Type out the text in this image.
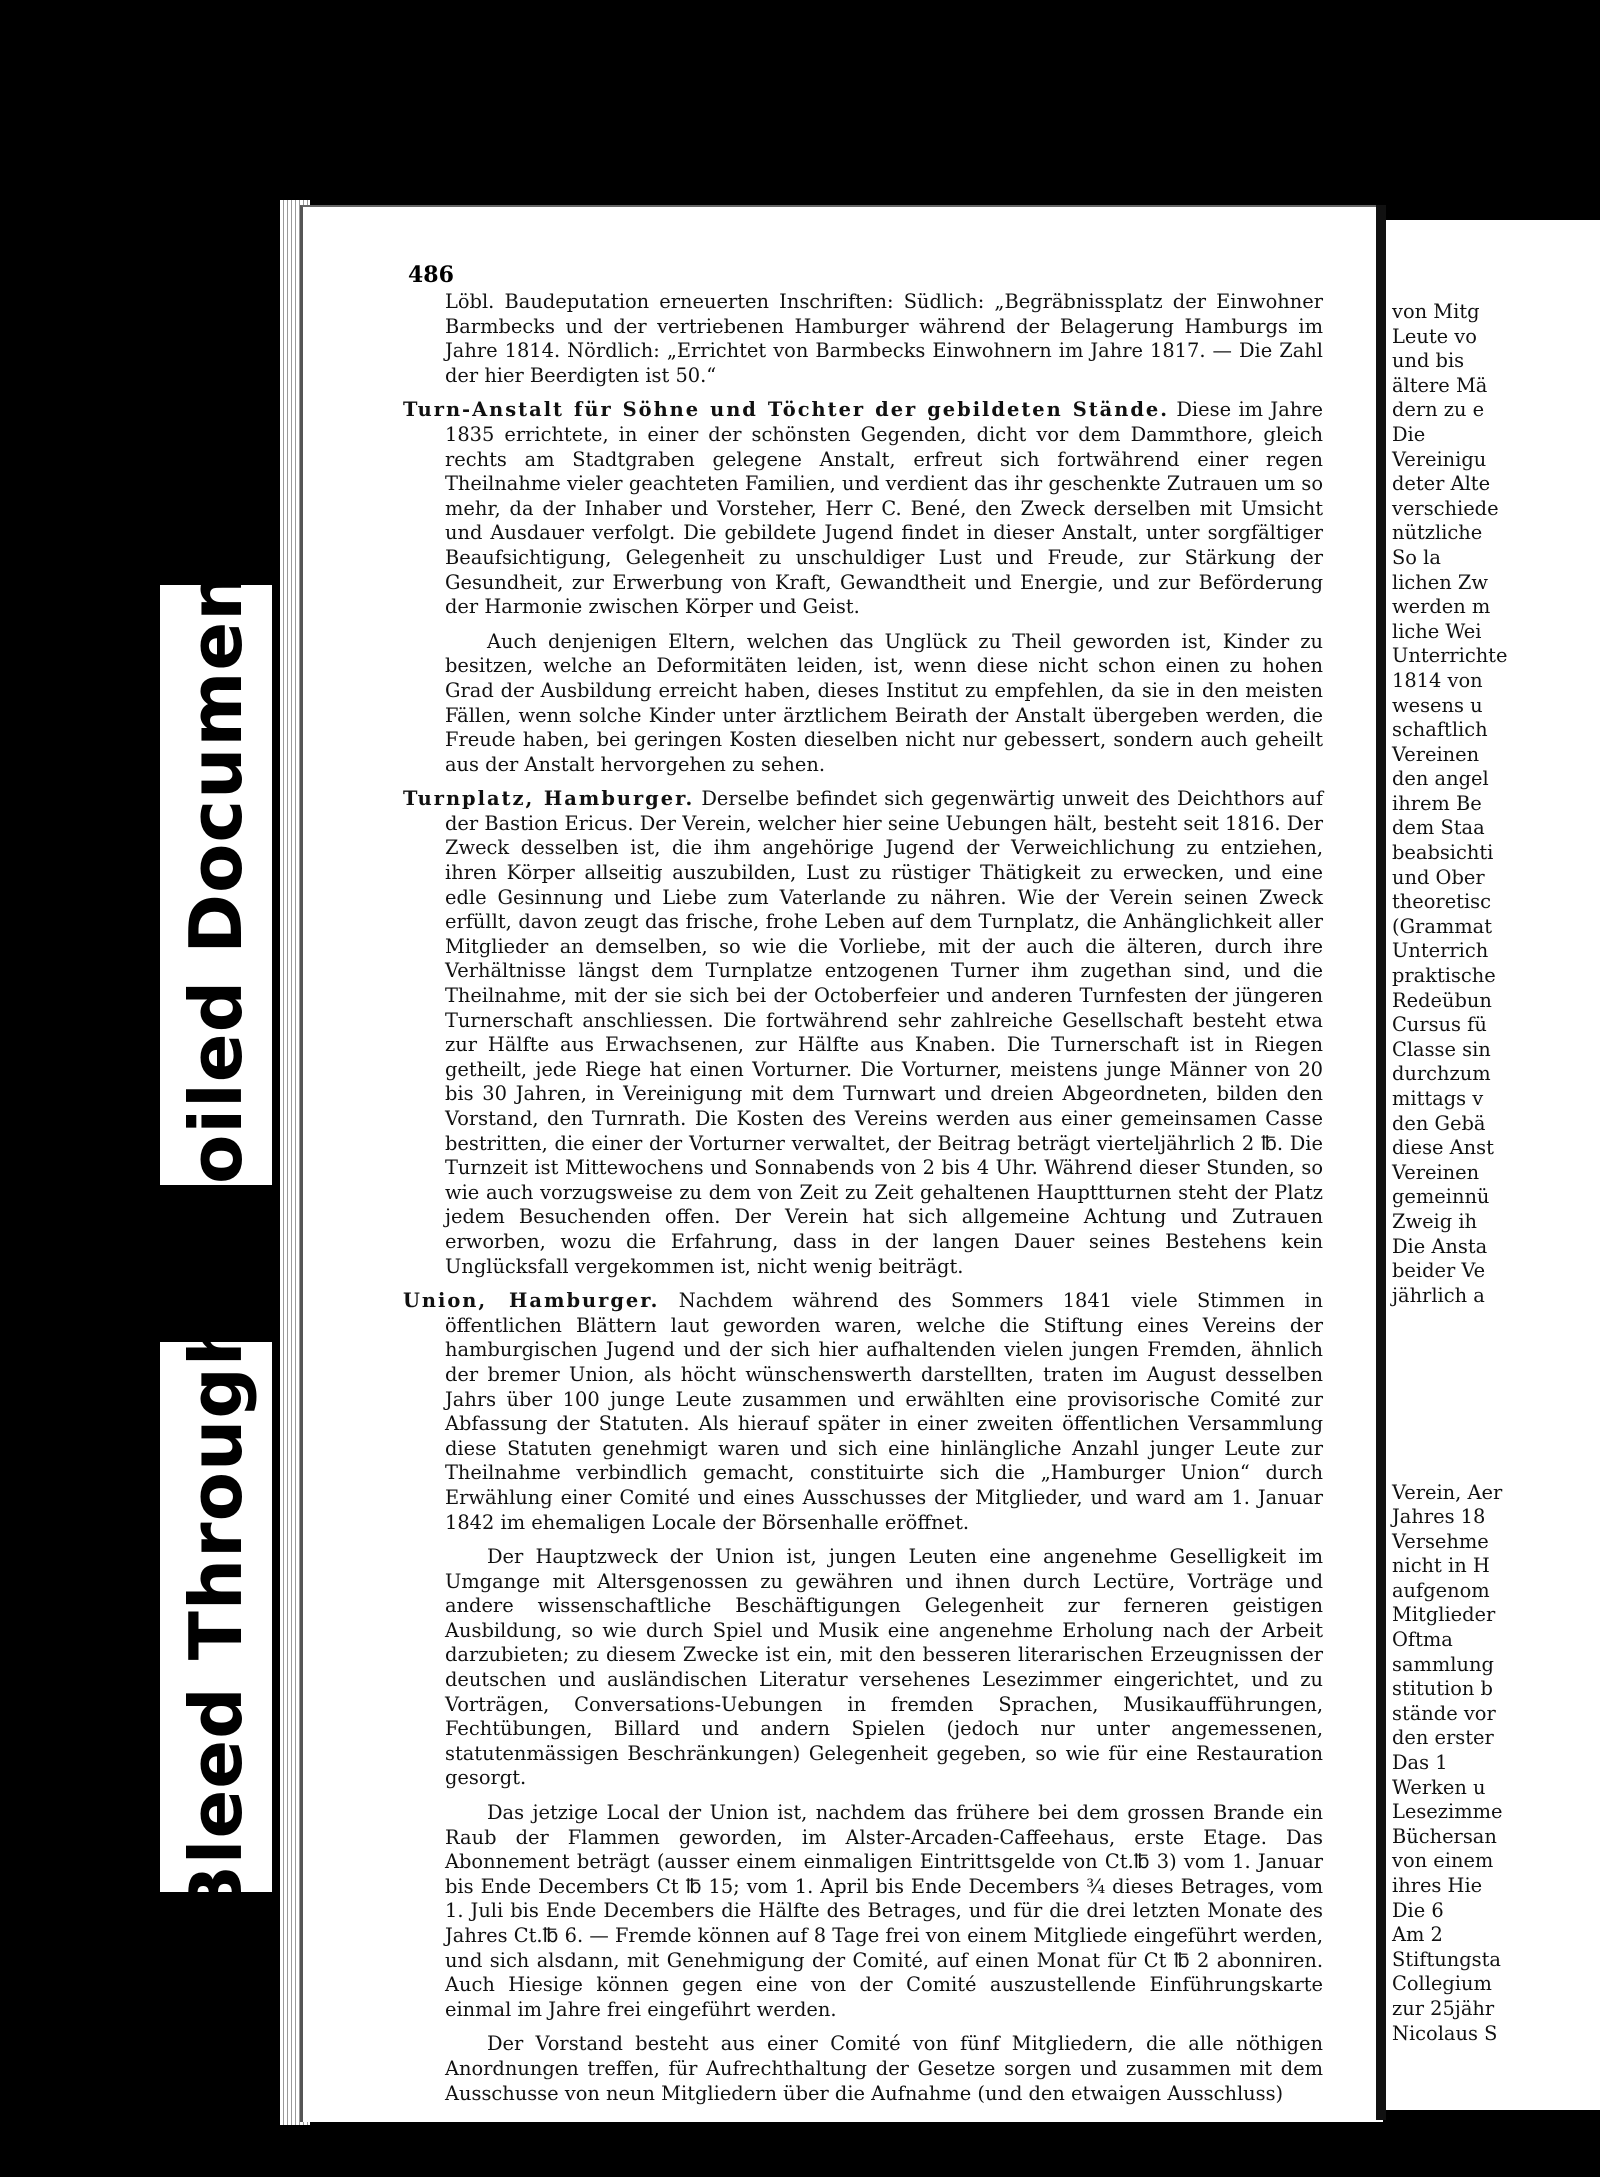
Soiled Document
Bleed Through
486
Löbl. Baudeputation erneuerten Inschriften: Südlich: „Begräbnissplatz der Einwohner Barmbecks und der vertriebenen Hamburger während der Belagerung Hamburgs im Jahre 1814. Nördlich: „Errichtet von Barmbecks Einwohnern im Jahre 1817. — Die Zahl der hier Beerdigten ist 50.“
Turn-Anstalt für Söhne und Töchter der gebildeten Stände. Diese im Jahre 1835 errichtete, in einer der schönsten Gegenden, dicht vor dem Dammthore, gleich rechts am Stadtgraben gelegene Anstalt, erfreut sich fortwährend einer regen Theilnahme vieler geachteten Familien, und verdient das ihr geschenkte Zutrauen um so mehr, da der Inhaber und Vorsteher, Herr C. Bené, den Zweck derselben mit Umsicht und Ausdauer verfolgt. Die gebildete Jugend findet in dieser Anstalt, unter sorgfältiger Beaufsichtigung, Gelegenheit zu unschuldiger Lust und Freude, zur Stärkung der Gesundheit, zur Erwerbung von Kraft, Gewandtheit und Energie, und zur Beförderung der Harmonie zwischen Körper und Geist.
Auch denjenigen Eltern, welchen das Unglück zu Theil geworden ist, Kinder zu besitzen, welche an Deformitäten leiden, ist, wenn diese nicht schon einen zu hohen Grad der Ausbildung erreicht haben, dieses Institut zu empfehlen, da sie in den meisten Fällen, wenn solche Kinder unter ärztlichem Beirath der Anstalt übergeben werden, die Freude haben, bei geringen Kosten dieselben nicht nur gebessert, sondern auch geheilt aus der Anstalt hervorgehen zu sehen.
Turnplatz, Hamburger. Derselbe befindet sich gegenwärtig unweit des Deichthors auf der Bastion Ericus. Der Verein, welcher hier seine Uebungen hält, besteht seit 1816. Der Zweck desselben ist, die ihm angehörige Jugend der Verweichlichung zu entziehen, ihren Körper allseitig auszubilden, Lust zu rüstiger Thätigkeit zu erwecken, und eine edle Gesinnung und Liebe zum Vaterlande zu nähren. Wie der Verein seinen Zweck erfüllt, davon zeugt das frische, frohe Leben auf dem Turnplatz, die Anhänglichkeit aller Mitglieder an demselben, so wie die Vorliebe, mit der auch die älteren, durch ihre Verhältnisse längst dem Turnplatze entzogenen Turner ihm zugethan sind, und die Theilnahme, mit der sie sich bei der Octoberfeier und anderen Turnfesten der jüngeren Turnerschaft anschliessen. Die fortwährend sehr zahlreiche Gesellschaft besteht etwa zur Hälfte aus Erwachsenen, zur Hälfte aus Knaben. Die Turnerschaft ist in Riegen getheilt, jede Riege hat einen Vorturner. Die Vorturner, meistens junge Männer von 20 bis 30 Jahren, in Vereinigung mit dem Turnwart und dreien Abgeordneten, bilden den Vorstand, den Turnrath. Die Kosten des Vereins werden aus einer gemeinsamen Casse bestritten, die einer der Vorturner verwaltet, der Beitrag beträgt vierteljährlich 2 ℔. Die Turnzeit ist Mittewochens und Sonnabends von 2 bis 4 Uhr. Während dieser Stunden, so wie auch vorzugsweise zu dem von Zeit zu Zeit gehaltenen Haupttturnen steht der Platz jedem Besuchenden offen. Der Verein hat sich allgemeine Achtung und Zutrauen erworben, wozu die Erfahrung, dass in der langen Dauer seines Bestehens kein Unglücksfall vergekommen ist, nicht wenig beiträgt.
Union, Hamburger. Nachdem während des Sommers 1841 viele Stimmen in öffentlichen Blättern laut geworden waren, welche die Stiftung eines Vereins der hamburgischen Jugend und der sich hier aufhaltenden vielen jungen Fremden, ähnlich der bremer Union, als höcht wünschenswerth darstellten, traten im August desselben Jahrs über 100 junge Leute zusammen und erwählten eine provisorische Comité zur Abfassung der Statuten. Als hierauf später in einer zweiten öffentlichen Versammlung diese Statuten genehmigt waren und sich eine hinlängliche Anzahl junger Leute zur Theilnahme verbindlich gemacht, constituirte sich die „Hamburger Union“ durch Erwählung einer Comité und eines Ausschusses der Mitglieder, und ward am 1. Januar 1842 im ehemaligen Locale der Börsenhalle eröffnet.
Der Hauptzweck der Union ist, jungen Leuten eine angenehme Geselligkeit im Umgange mit Altersgenossen zu gewähren und ihnen durch Lectüre, Vorträge und andere wissenschaftliche Beschäftigungen Gelegenheit zur ferneren geistigen Ausbildung, so wie durch Spiel und Musik eine angenehme Erholung nach der Arbeit darzubieten; zu diesem Zwecke ist ein, mit den besseren literarischen Erzeugnissen der deutschen und ausländischen Literatur versehenes Lesezimmer eingerichtet, und zu Vorträgen, Conversations-Uebungen in fremden Sprachen, Musikaufführungen, Fechtübungen, Billard und andern Spielen (jedoch nur unter angemessenen, statutenmässigen Beschränkungen) Gelegenheit gegeben, so wie für eine Restauration gesorgt.
Das jetzige Local der Union ist, nachdem das frühere bei dem grossen Brande ein Raub der Flammen geworden, im Alster-Arcaden-Caffeehaus, erste Etage. Das Abonnement beträgt (ausser einem einmaligen Eintrittsgelde von Ct.℔ 3) vom 1. Januar bis Ende Decembers Ct ℔ 15; vom 1. April bis Ende Decembers ¾ dieses Betrages, vom 1. Juli bis Ende Decembers die Hälfte des Betrages, und für die drei letzten Monate des Jahres Ct.℔ 6. — Fremde können auf 8 Tage frei von einem Mitgliede eingeführt werden, und sich alsdann, mit Genehmigung der Comité, auf einen Monat für Ct ℔ 2 abonniren. Auch Hiesige können gegen eine von der Comité auszustellende Einführungskarte einmal im Jahre frei eingeführt werden.
Der Vorstand besteht aus einer Comité von fünf Mitgliedern, die alle nöthigen Anordnungen treffen, für Aufrechthaltung der Gesetze sorgen und zusammen mit dem Ausschusse von neun Mitgliedern über die Aufnahme (und den etwaigen Ausschluss)
von Mitg
Leute vo
und bis
ältere Mä
dern zu e
Die
Vereinigu
deter Alte
verschiede
nützliche
So la
lichen Zw
werden m
liche Wei
Unterrichte
1814 von
wesens u
schaftlich
Vereinen
den angel
ihrem Be
dem Staa
beabsichti
und Ober
theoretisc
(Grammat
Unterrich
praktische
Redeübun
Cursus fü
Classe sin
durchzum
mittags v
den Gebä
diese Anst
Vereinen
gemeinnü
Zweig ih
Die Ansta
beider Ve
jährlich a
Verein, Aer
Jahres 18
Versehme
nicht in H
aufgenom
Mitglieder
Oftma
sammlung
stitution b
stände vor
den erster
Das 1
Werken u
Lesezimme
Büchersan
von einem
ihres Hie
Die 6
Am 2
Stiftungsta
Collegium
zur 25jähr
Nicolaus S
